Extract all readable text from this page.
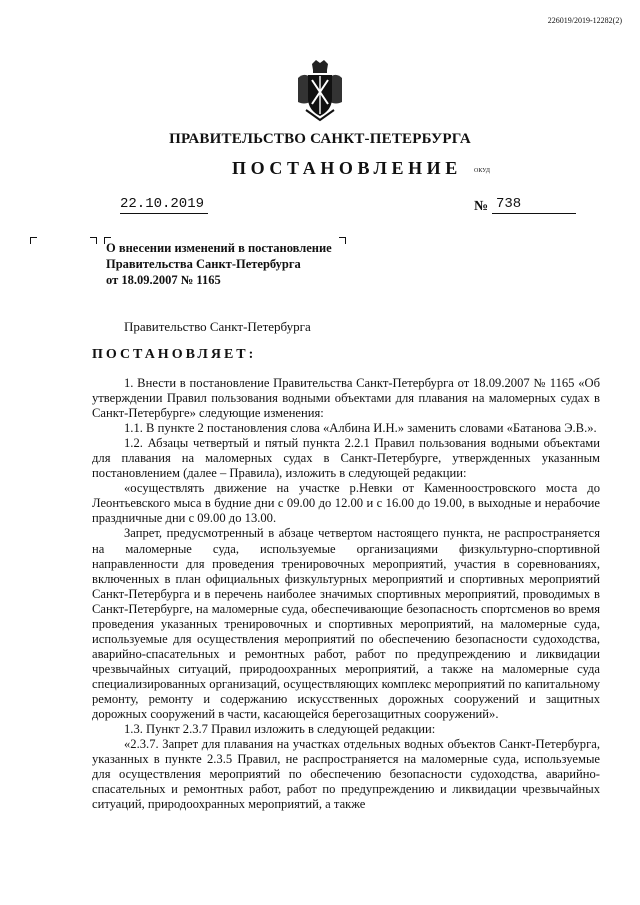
226019/2019-12282(2)
ПРАВИТЕЛЬСТВО САНКТ-ПЕТЕРБУРГА
ПОСТАНОВЛЕНИЕ ОКУД
22.10.2019	№ 738
О внесении изменений в постановление
Правительства Санкт-Петербурга
от 18.09.2007 № 1165
Правительство Санкт-Петербурга
ПОСТАНОВЛЯЕТ:

1. Внести в постановление Правительства Санкт-Петербурга от 18.09.2007 № 1165 «Об утверждении Правил пользования водными объектами для плавания на маломерных судах в Санкт-Петербурге» следующие изменения:

1.1. В пункте 2 постановления слова «Албина И.Н.» заменить словами «Батанова Э.В.».

1.2. Абзацы четвертый и пятый пункта 2.2.1 Правил пользования водными объектами для плавания на маломерных судах в Санкт-Петербурге, утвержденных указанным постановлением (далее – Правила), изложить в следующей редакции:

«осуществлять движение на участке р.Невки от Каменноостровского моста до Леонтьевского мыса в будние дни с 09.00 до 12.00 и с 16.00 до 19.00, в выходные и нерабочие праздничные дни с 09.00 до 13.00.

Запрет, предусмотренный в абзаце четвертом настоящего пункта, не распространяется на маломерные суда, используемые организациями физкультурно-спортивной направленности для проведения тренировочных мероприятий, участия в соревнованиях, включенных в план официальных физкультурных мероприятий и спортивных мероприятий Санкт-Петербурга и в перечень наиболее значимых спортивных мероприятий, проводимых в Санкт-Петербурге, на маломерные суда, обеспечивающие безопасность спортсменов во время проведения указанных тренировочных и спортивных мероприятий, на маломерные суда, используемые для осуществления мероприятий по обеспечению безопасности судоходства, аварийно-спасательных и ремонтных работ, работ по предупреждению и ликвидации чрезвычайных ситуаций, природоохранных мероприятий, а также на маломерные суда специализированных организаций, осуществляющих комплекс мероприятий по капитальному ремонту, ремонту и содержанию искусственных дорожных сооружений и защитных дорожных сооружений в части, касающейся берегозащитных сооружений».

1.3. Пункт 2.3.7 Правил изложить в следующей редакции:

«2.3.7. Запрет для плавания на участках отдельных водных объектов Санкт-Петербурга, указанных в пункте 2.3.5 Правил, не распространяется на маломерные суда, используемые для осуществления мероприятий по обеспечению безопасности судоходства, аварийно-спасательных и ремонтных работ, работ по предупреждению и ликвидации чрезвычайных ситуаций, природоохранных мероприятий, а также
